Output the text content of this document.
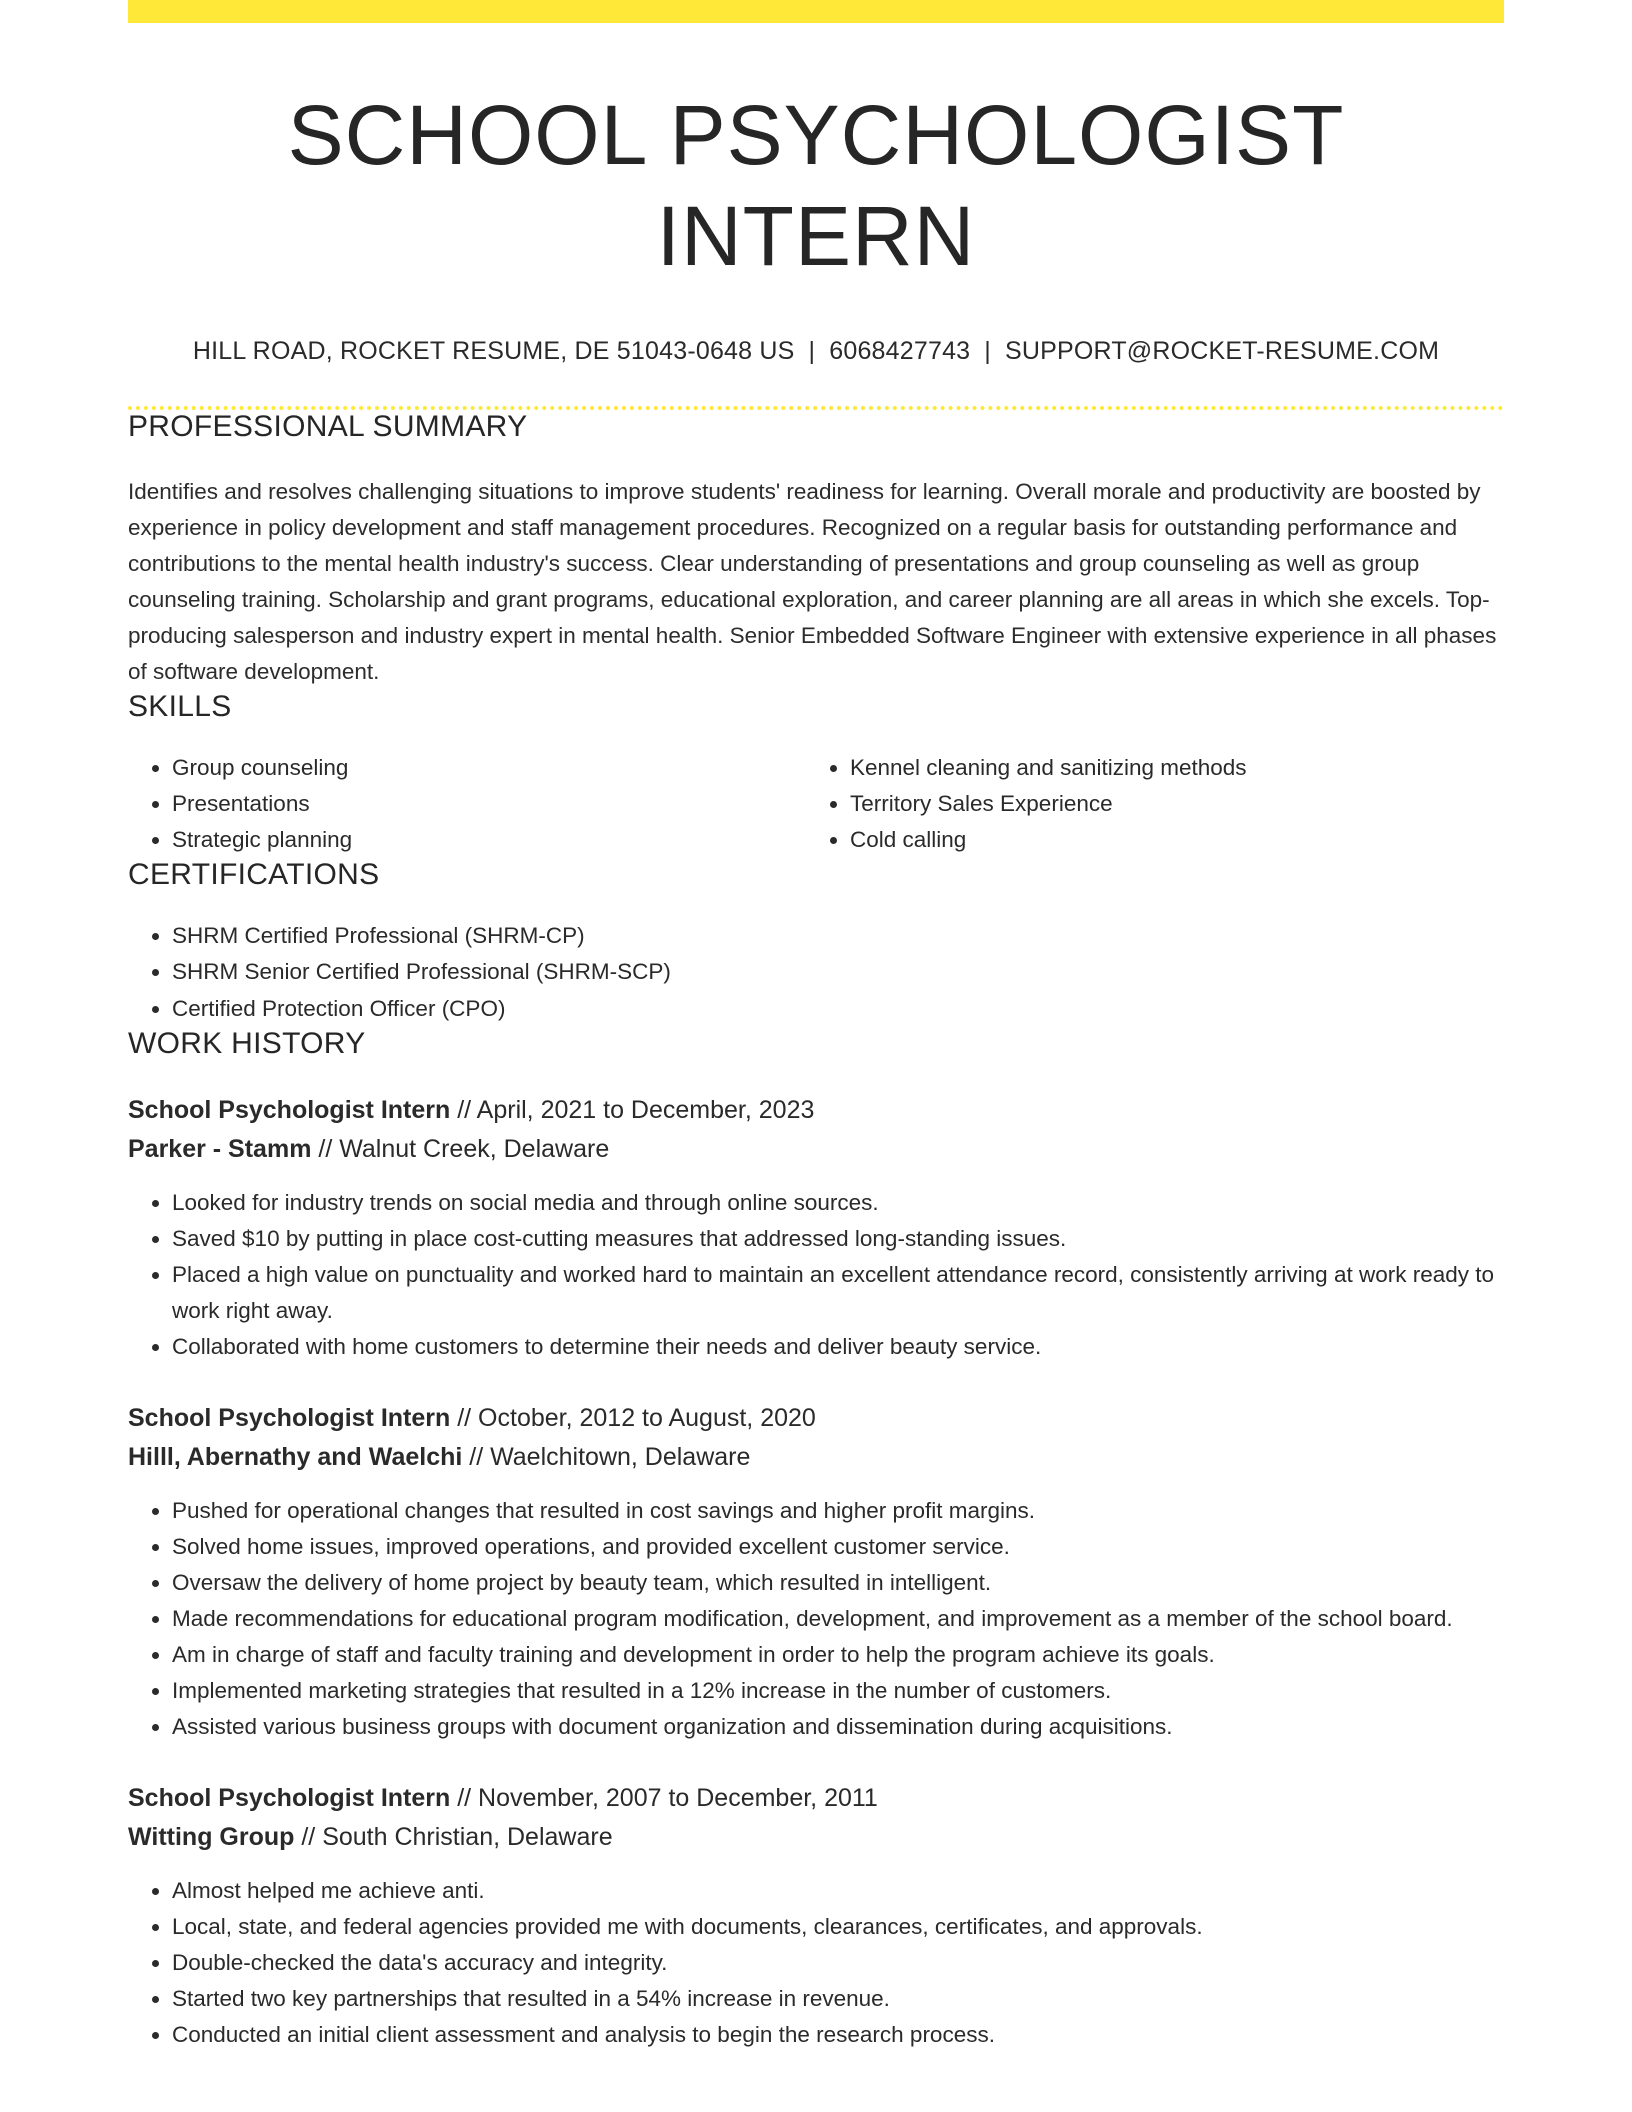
SCHOOL PSYCHOLOGIST INTERN
HILL ROAD, ROCKET RESUME, DE 51043-0648 US | 6068427743 | SUPPORT@ROCKET-RESUME.COM
PROFESSIONAL SUMMARY

Identifies and resolves challenging situations to improve students' readiness for learning. Overall morale and productivity are boosted by experience in policy development and staff management procedures. Recognized on a regular basis for outstanding performance and contributions to the mental health industry's success. Clear understanding of presentations and group counseling as well as group counseling training. Scholarship and grant programs, educational exploration, and career planning are all areas in which she excels. Top-producing salesperson and industry expert in mental health. Senior Embedded Software Engineer with extensive experience in all phases of software development.

SKILLS
• Group counseling
• Presentations
• Strategic planning
• Kennel cleaning and sanitizing methods
• Territory Sales Experience
• Cold calling
CERTIFICATIONS
• SHRM Certified Professional (SHRM-CP)
• SHRM Senior Certified Professional (SHRM-SCP)
• Certified Protection Officer (CPO)
WORK HISTORY
School Psychologist Intern // April, 2021 to December, 2023
Parker - Stamm // Walnut Creek, Delaware
• Looked for industry trends on social media and through online sources.
• Saved $10 by putting in place cost-cutting measures that addressed long-standing issues.
• Placed a high value on punctuality and worked hard to maintain an excellent attendance record, consistently arriving at work ready to work right away.
• Collaborated with home customers to determine their needs and deliver beauty service.
School Psychologist Intern // October, 2012 to August, 2020
Hilll, Abernathy and Waelchi // Waelchitown, Delaware
• Pushed for operational changes that resulted in cost savings and higher profit margins.
• Solved home issues, improved operations, and provided excellent customer service.
• Oversaw the delivery of home project by beauty team, which resulted in intelligent.
• Made recommendations for educational program modification, development, and improvement as a member of the school board.
• Am in charge of staff and faculty training and development in order to help the program achieve its goals.
• Implemented marketing strategies that resulted in a 12% increase in the number of customers.
• Assisted various business groups with document organization and dissemination during acquisitions.
School Psychologist Intern // November, 2007 to December, 2011
Witting Group // South Christian, Delaware
• Almost helped me achieve anti.
• Local, state, and federal agencies provided me with documents, clearances, certificates, and approvals.
• Double-checked the data's accuracy and integrity.
• Started two key partnerships that resulted in a 54% increase in revenue.
• Conducted an initial client assessment and analysis to begin the research process.
